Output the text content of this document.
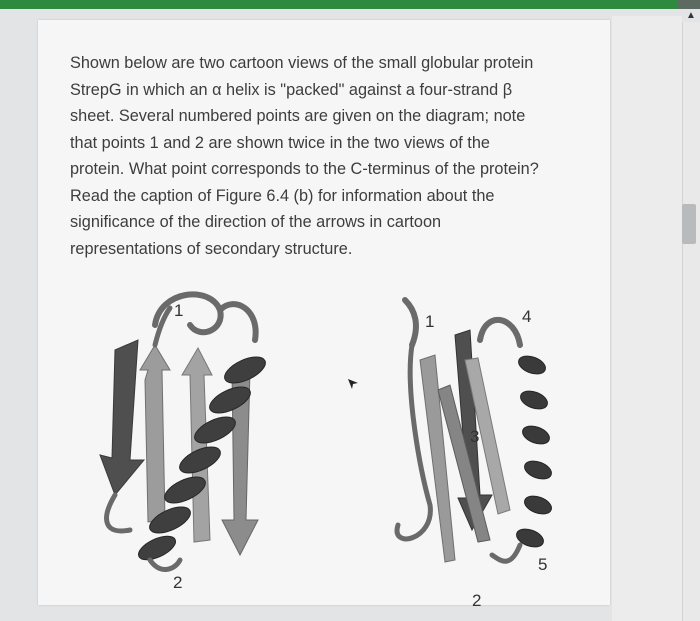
▲
Shown below are two cartoon views of the small globular protein
StrepG in which an α helix is "packed" against a four-strand β
sheet. Several numbered points are given on the diagram; note
that points 1 and 2 are shown twice in the two views of the
protein. What point corresponds to the C-terminus of the protein?
Read the caption of Figure 6.4 (b) for information about the
significance of the direction of the arrows in cartoon
representations of secondary structure.
1
2
1
3
4
5
2
